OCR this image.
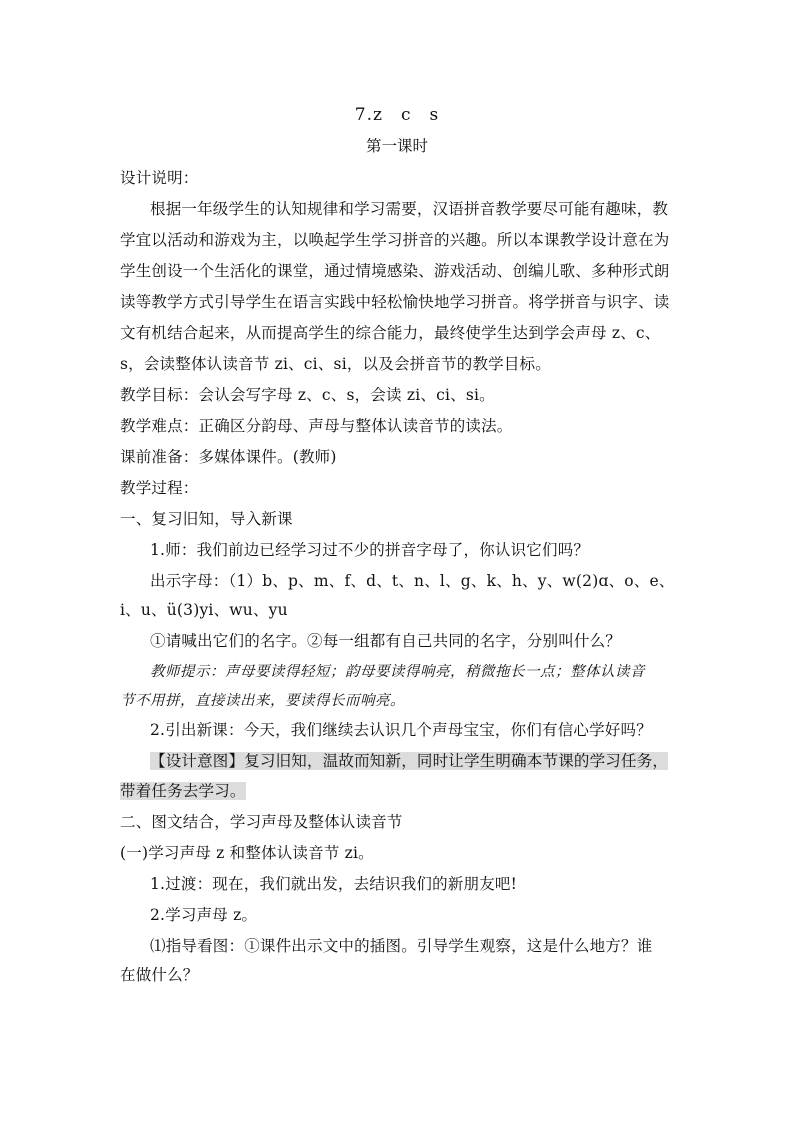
7.z　c　s
第一课时
设计说明：
根据一年级学生的认知规律和学习需要，汉语拼音教学要尽可能有趣味，教
学宜以活动和游戏为主，以唤起学生学习拼音的兴趣。所以本课教学设计意在为
学生创设一个生活化的课堂，通过情境感染、游戏活动、创编儿歌、多种形式朗
读等教学方式引导学生在语言实践中轻松愉快地学习拼音。将学拼音与识字、读
文有机结合起来，从而提高学生的综合能力，最终使学生达到学会声母 z、c、
s，会读整体认读音节 zi、ci、si，以及会拼音节的教学目标。
教学目标：会认会写字母 z、c、s，会读 zi、ci、si。
教学难点：正确区分韵母、声母与整体认读音节的读法。
课前准备：多媒体课件。(教师)
教学过程：
一、复习旧知，导入新课
1.师：我们前边已经学习过不少的拼音字母了，你认识它们吗？
出示字母：（1）b、p、m、f、d、t、n、l、g、k、h、y、w(2)ɑ、o、e、
i、u、ü(3)yi、wu、yu
①请喊出它们的名字。②每一组都有自己共同的名字，分别叫什么？
教师提示：声母要读得轻短；韵母要读得响亮，稍微拖长一点；整体认读音
节不用拼，直接读出来，要读得长而响亮。
2.引出新课：今天，我们继续去认识几个声母宝宝，你们有信心学好吗？
【设计意图】复习旧知，温故而知新，同时让学生明确本节课的学习任务，
带着任务去学习。
二、图文结合，学习声母及整体认读音节
(一)学习声母 z 和整体认读音节 zi。
1.过渡：现在，我们就出发，去结识我们的新朋友吧!
2.学习声母 z。
⑴指导看图：①课件出示文中的插图。引导学生观察，这是什么地方？谁
在做什么？
